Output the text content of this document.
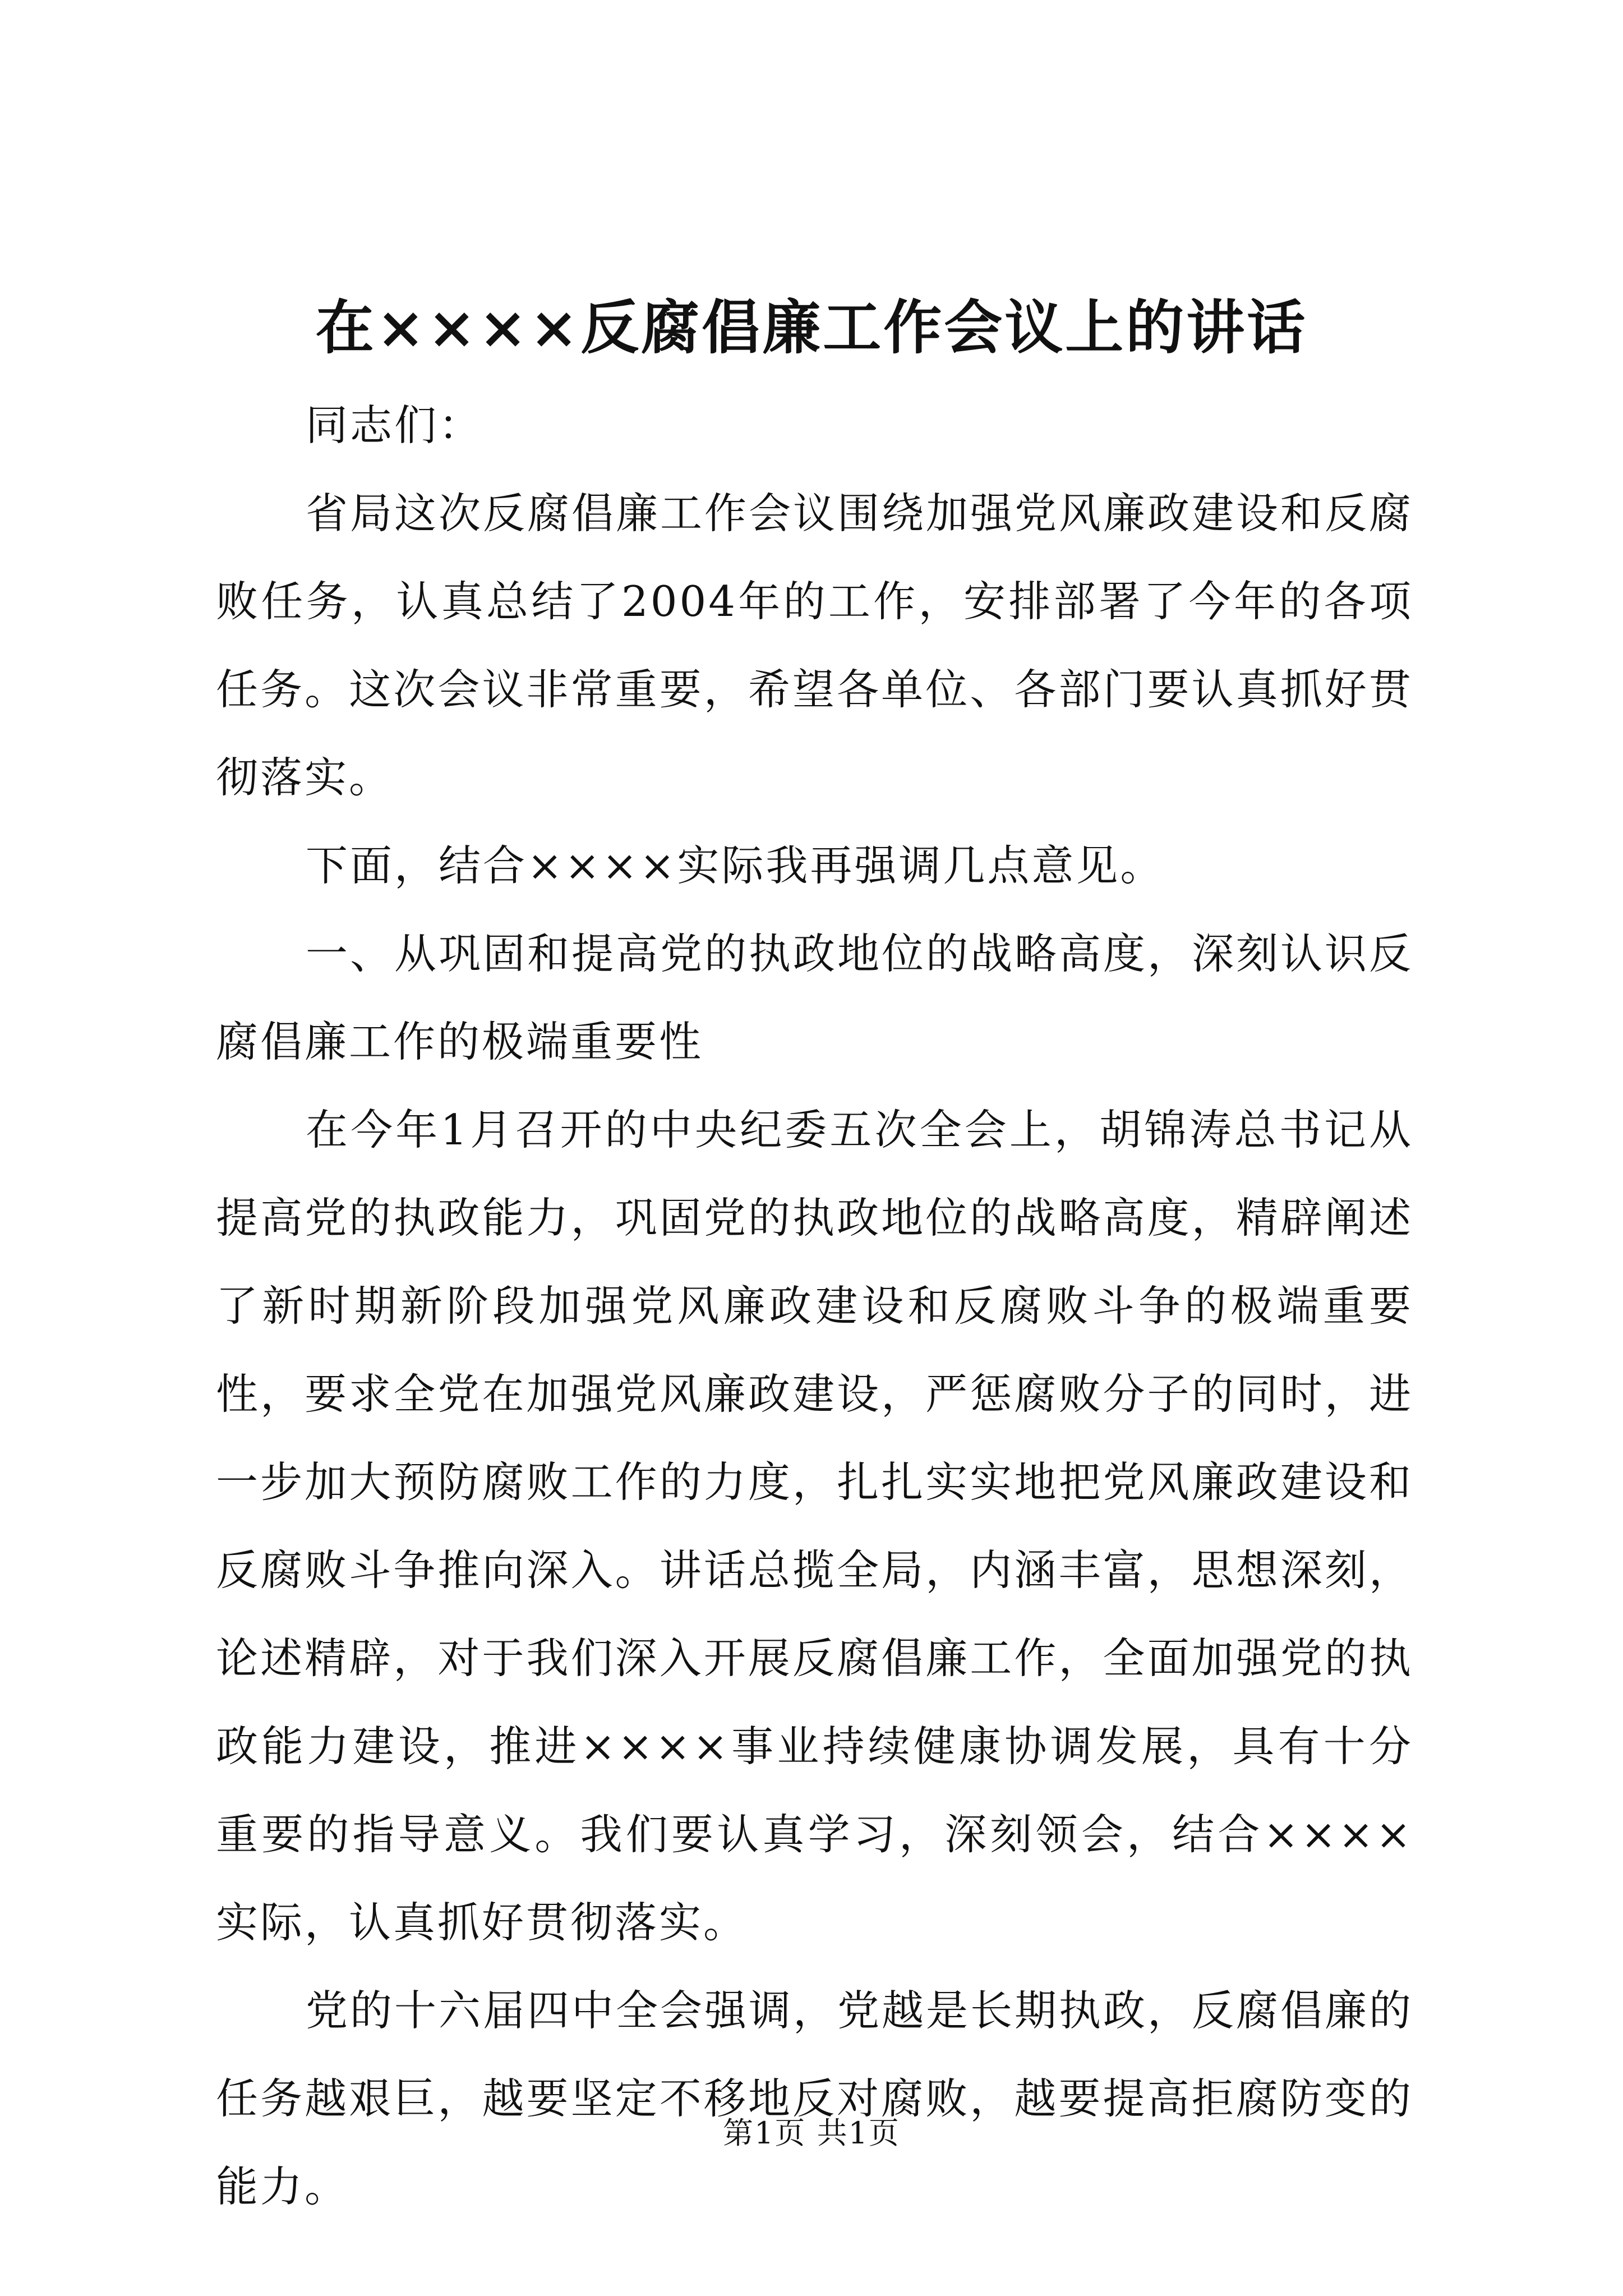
在××××反腐倡廉工作会议上的讲话

同志们：

省局这次反腐倡廉工作会议围绕加强党风廉政建设和反腐败任务，认真总结了2004年的工作，安排部署了今年的各项任务。这次会议非常重要，希望各单位、各部门要认真抓好贯彻落实。

下面，结合××××实际我再强调几点意见。

一、从巩固和提高党的执政地位的战略高度，深刻认识反腐倡廉工作的极端重要性

在今年1月召开的中央纪委五次全会上，胡锦涛总书记从提高党的执政能力，巩固党的执政地位的战略高度，精辟阐述了新时期新阶段加强党风廉政建设和反腐败斗争的极端重要性，要求全党在加强党风廉政建设，严惩腐败分子的同时，进一步加大预防腐败工作的力度，扎扎实实地把党风廉政建设和反腐败斗争推向深入。讲话总揽全局，内涵丰富，思想深刻，论述精辟，对于我们深入开展反腐倡廉工作，全面加强党的执政能力建设，推进××××事业持续健康协调发展，具有十分重要的指导意义。我们要认真学习，深刻领会，结合××××实际，认真抓好贯彻落实。

党的十六届四中全会强调，党越是长期执政，反腐倡廉的任务越艰巨，越要坚定不移地反对腐败，越要提高拒腐防变的能力。

第1页 共1页
